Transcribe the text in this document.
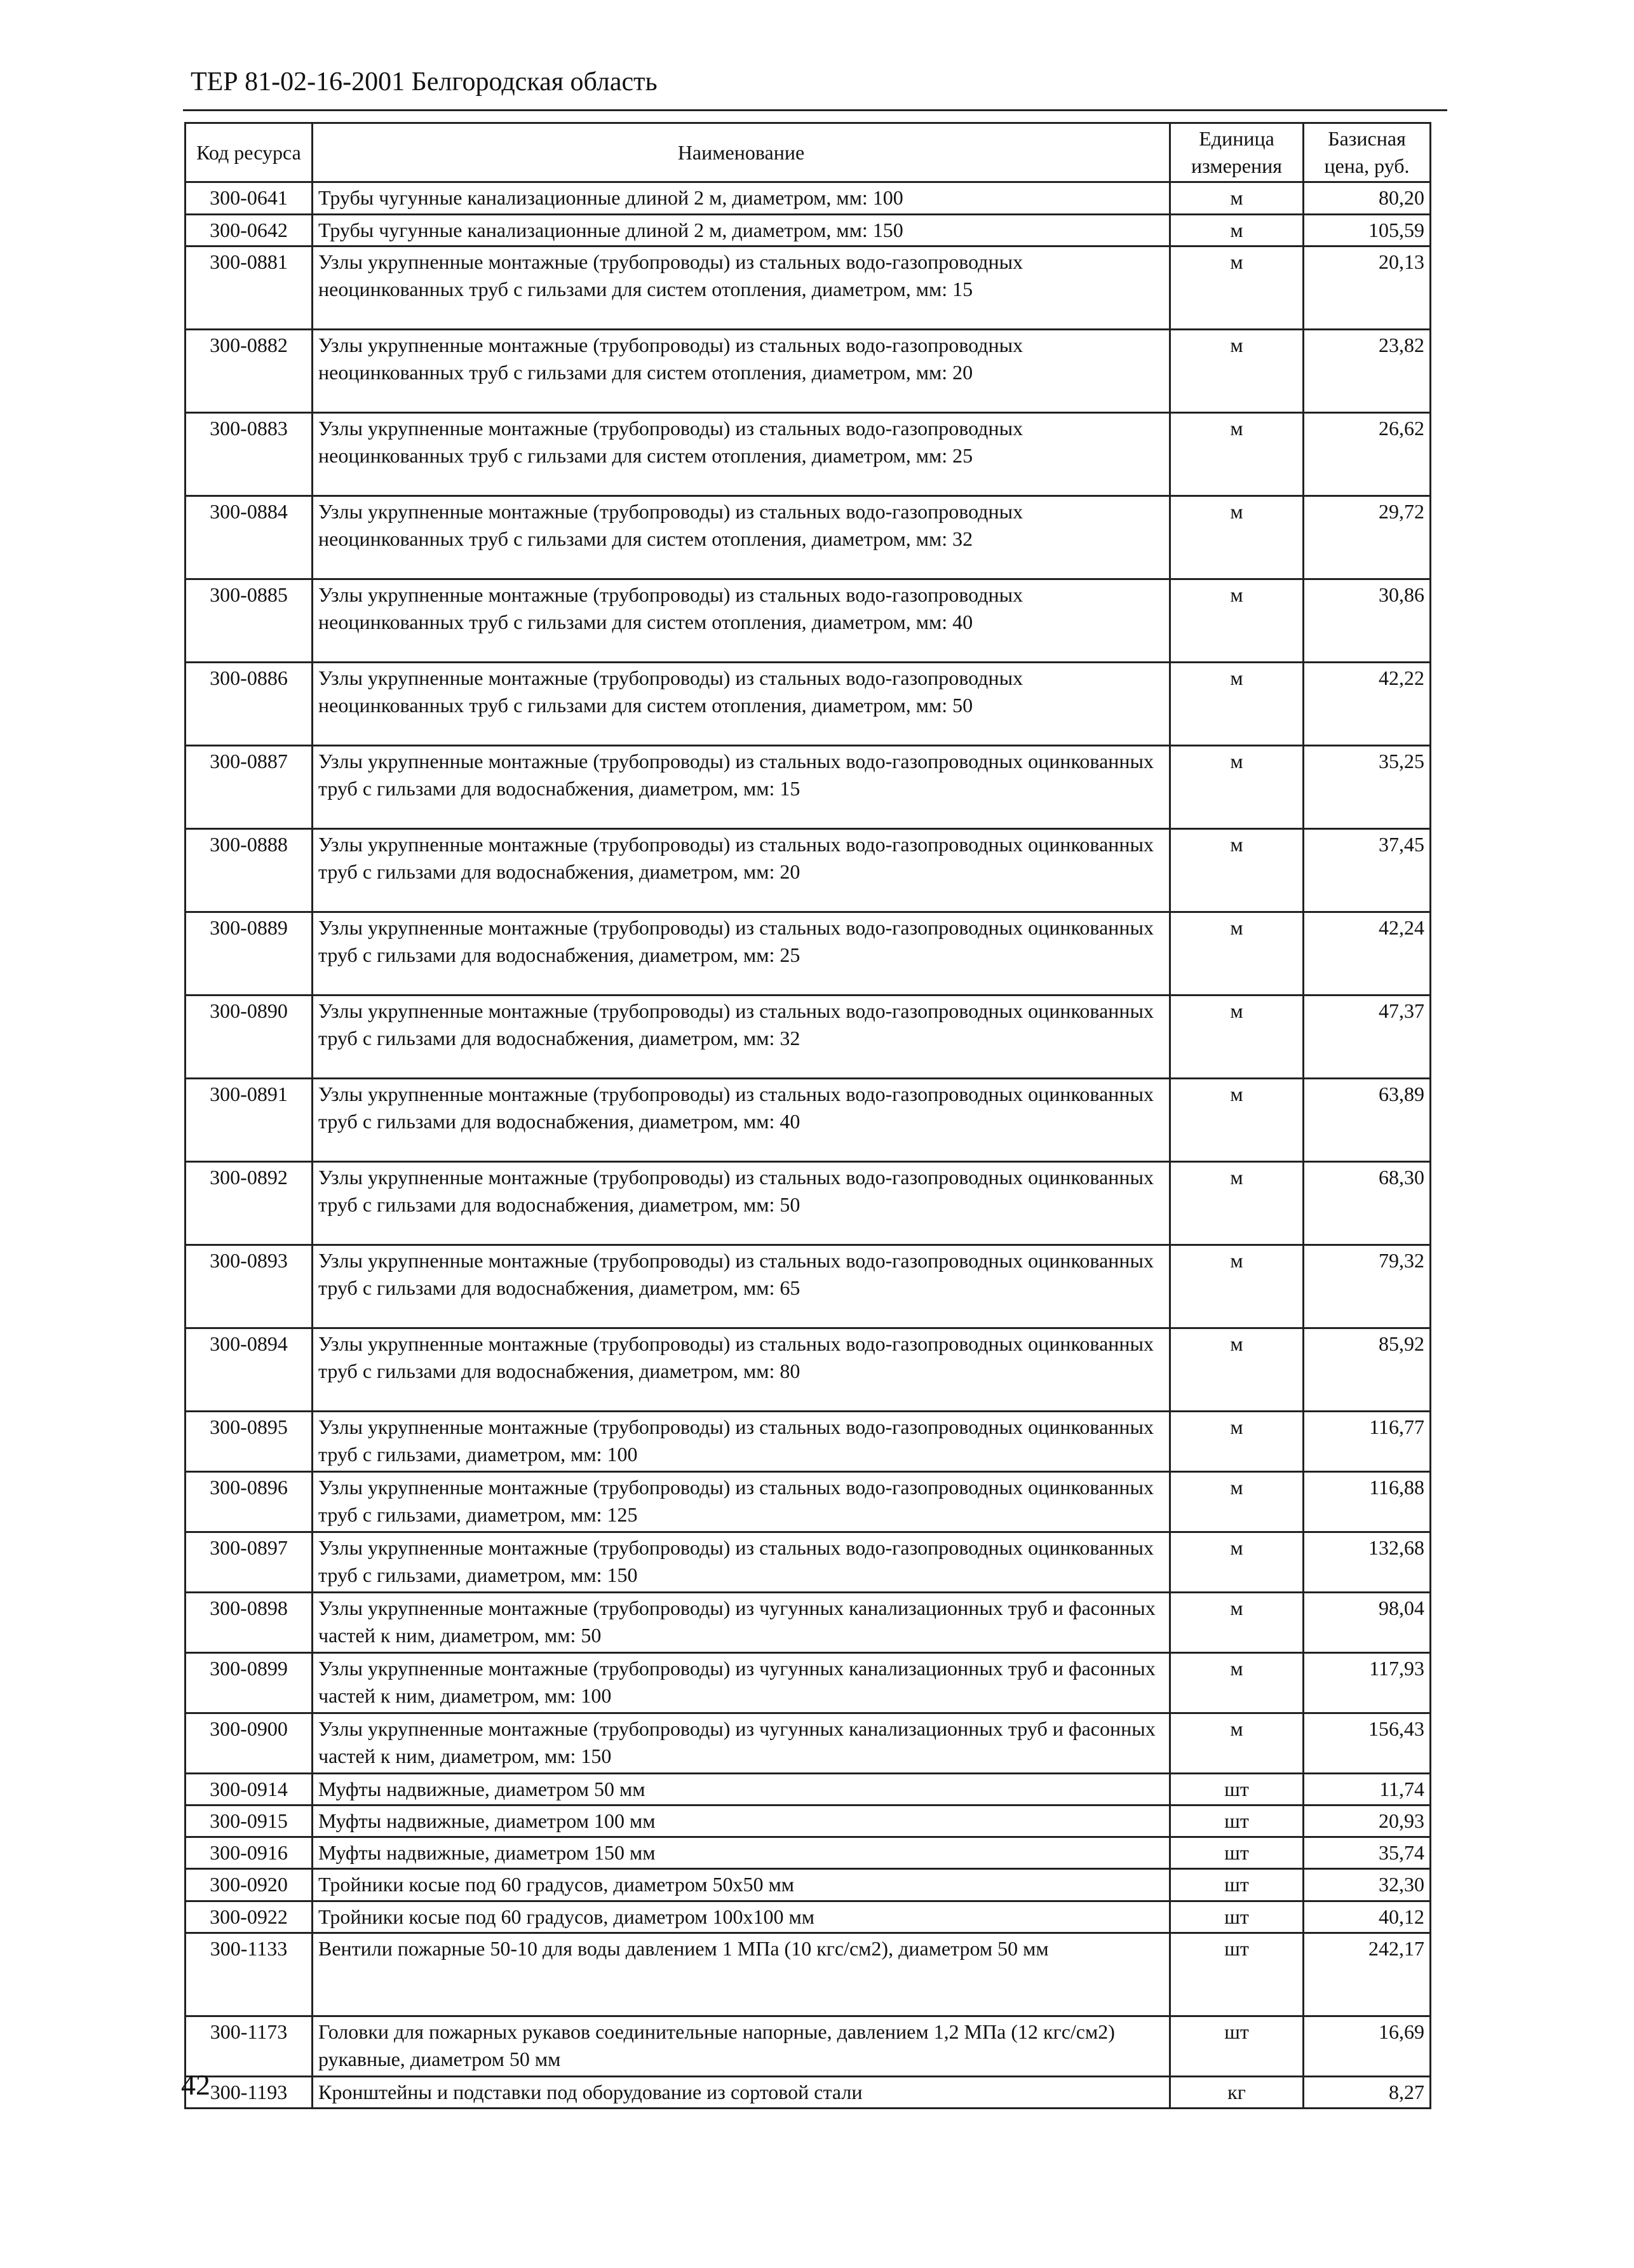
ТЕР 81-02-16-2001 Белгородская область
Код ресурса	Наименование	Единица измерения	Базисная цена, руб.
300-0641	Трубы чугунные канализационные длиной 2 м, диаметром, мм: 100	м	80,20
300-0642	Трубы чугунные канализационные длиной 2 м, диаметром, мм: 150	м	105,59
300-0881	Узлы укрупненные монтажные (трубопроводы) из стальных водо-газопроводных неоцинкованных труб с гильзами для систем отопления, диаметром, мм: 15	м	20,13
300-0882	Узлы укрупненные монтажные (трубопроводы) из стальных водо-газопроводных неоцинкованных труб с гильзами для систем отопления, диаметром, мм: 20	м	23,82
300-0883	Узлы укрупненные монтажные (трубопроводы) из стальных водо-газопроводных неоцинкованных труб с гильзами для систем отопления, диаметром, мм: 25	м	26,62
300-0884	Узлы укрупненные монтажные (трубопроводы) из стальных водо-газопроводных неоцинкованных труб с гильзами для систем отопления, диаметром, мм: 32	м	29,72
300-0885	Узлы укрупненные монтажные (трубопроводы) из стальных водо-газопроводных неоцинкованных труб с гильзами для систем отопления, диаметром, мм: 40	м	30,86
300-0886	Узлы укрупненные монтажные (трубопроводы) из стальных водо-газопроводных неоцинкованных труб с гильзами для систем отопления, диаметром, мм: 50	м	42,22
300-0887	Узлы укрупненные монтажные (трубопроводы) из стальных водо-газопроводных оцинкованных труб с гильзами для водоснабжения, диаметром, мм: 15	м	35,25
300-0888	Узлы укрупненные монтажные (трубопроводы) из стальных водо-газопроводных оцинкованных труб с гильзами для водоснабжения, диаметром, мм: 20	м	37,45
300-0889	Узлы укрупненные монтажные (трубопроводы) из стальных водо-газопроводных оцинкованных труб с гильзами для водоснабжения, диаметром, мм: 25	м	42,24
300-0890	Узлы укрупненные монтажные (трубопроводы) из стальных водо-газопроводных оцинкованных труб с гильзами для водоснабжения, диаметром, мм: 32	м	47,37
300-0891	Узлы укрупненные монтажные (трубопроводы) из стальных водо-газопроводных оцинкованных труб с гильзами для водоснабжения, диаметром, мм: 40	м	63,89
300-0892	Узлы укрупненные монтажные (трубопроводы) из стальных водо-газопроводных оцинкованных труб с гильзами для водоснабжения, диаметром, мм: 50	м	68,30
300-0893	Узлы укрупненные монтажные (трубопроводы) из стальных водо-газопроводных оцинкованных труб с гильзами для водоснабжения, диаметром, мм: 65	м	79,32
300-0894	Узлы укрупненные монтажные (трубопроводы) из стальных водо-газопроводных оцинкованных труб с гильзами для водоснабжения, диаметром, мм: 80	м	85,92
300-0895	Узлы укрупненные монтажные (трубопроводы) из стальных водо-газопроводных оцинкованных труб с гильзами, диаметром, мм: 100	м	116,77
300-0896	Узлы укрупненные монтажные (трубопроводы) из стальных водо-газопроводных оцинкованных труб с гильзами, диаметром, мм: 125	м	116,88
300-0897	Узлы укрупненные монтажные (трубопроводы) из стальных водо-газопроводных оцинкованных труб с гильзами, диаметром, мм: 150	м	132,68
300-0898	Узлы укрупненные монтажные (трубопроводы) из чугунных канализационных труб и фасонных частей к ним, диаметром, мм: 50	м	98,04
300-0899	Узлы укрупненные монтажные (трубопроводы) из чугунных канализационных труб и фасонных частей к ним, диаметром, мм: 100	м	117,93
300-0900	Узлы укрупненные монтажные (трубопроводы) из чугунных канализационных труб и фасонных частей к ним, диаметром, мм: 150	м	156,43
300-0914	Муфты надвижные, диаметром 50 мм	шт	11,74
300-0915	Муфты надвижные, диаметром 100 мм	шт	20,93
300-0916	Муфты надвижные, диаметром 150 мм	шт	35,74
300-0920	Тройники косые под 60 градусов, диаметром 50х50 мм	шт	32,30
300-0922	Тройники косые под 60 градусов, диаметром 100х100 мм	шт	40,12
300-1133	Вентили пожарные 50-10 для воды давлением 1 МПа (10 кгс/см2), диаметром 50 мм	шт	242,17
300-1173	Головки для пожарных рукавов соединительные напорные, давлением 1,2 МПа (12 кгс/см2) рукавные, диаметром 50 мм	шт	16,69
300-1193	Кронштейны и подставки под оборудование из сортовой стали	кг	8,27
42
